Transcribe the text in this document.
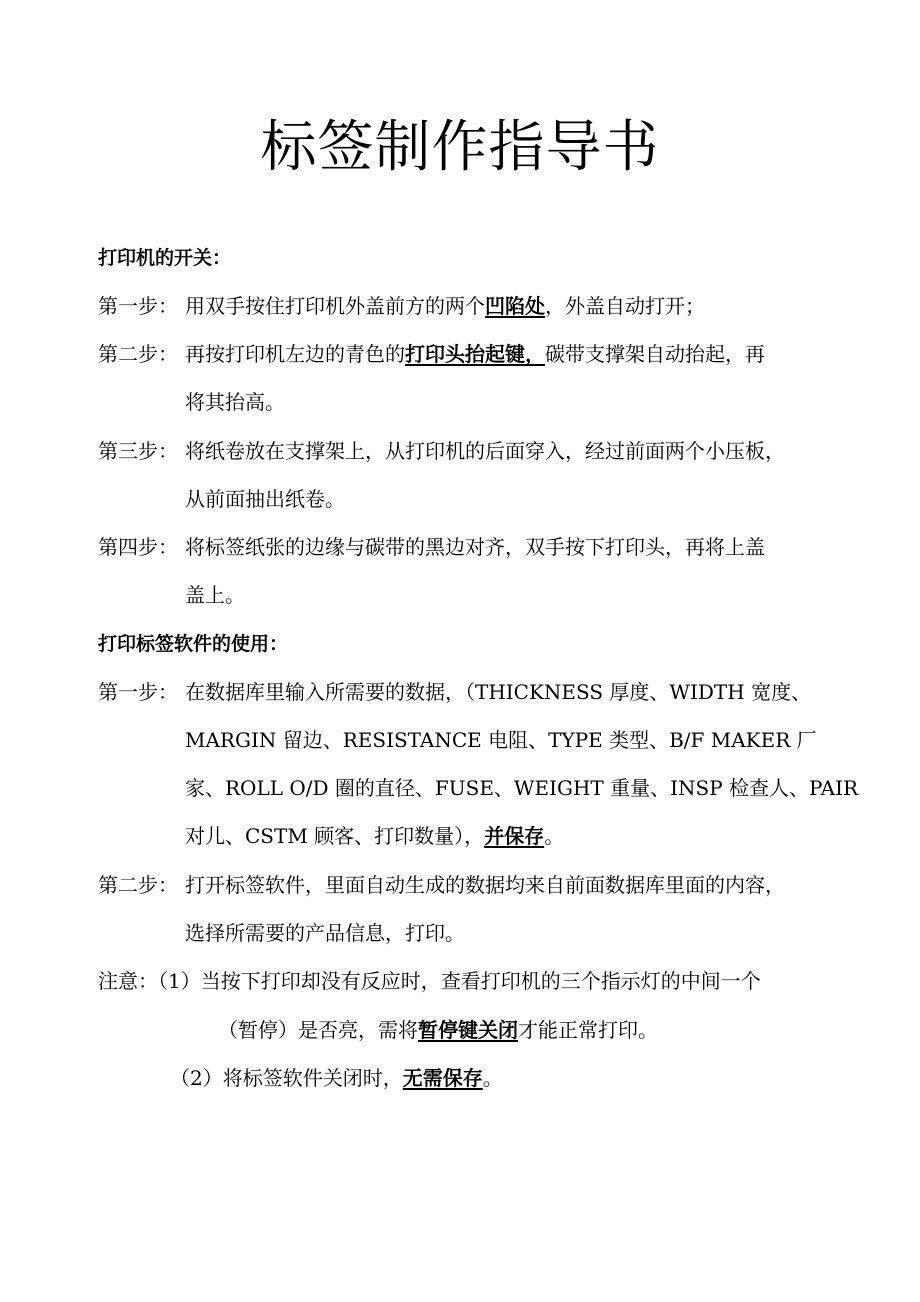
标签制作指导书
打印机的开关：
第一步： 用双手按住打印机外盖前方的两个凹陷处，外盖自动打开；
第二步： 再按打印机左边的青色的打印头抬起键，碳带支撑架自动抬起，再
将其抬高。
第三步： 将纸卷放在支撑架上，从打印机的后面穿入，经过前面两个小压板，
从前面抽出纸卷。
第四步： 将标签纸张的边缘与碳带的黑边对齐，双手按下打印头，再将上盖
盖上。
打印标签软件的使用：
第一步： 在数据库里输入所需要的数据，（THICKNESS 厚度、WIDTH 宽度、
MARGIN 留边、RESISTANCE 电阻、TYPE 类型、B/F MAKER 厂
家、ROLL O/D 圈的直径、FUSE、WEIGHT 重量、INSP 检查人、PAIR
对儿、CSTM 顾客、打印数量），并保存。
第二步： 打开标签软件，里面自动生成的数据均来自前面数据库里面的内容，
选择所需要的产品信息，打印。
注意：（1）当按下打印却没有反应时，查看打印机的三个指示灯的中间一个
（暂停）是否亮，需将暂停键关闭才能正常打印。
（2）将标签软件关闭时，无需保存。
